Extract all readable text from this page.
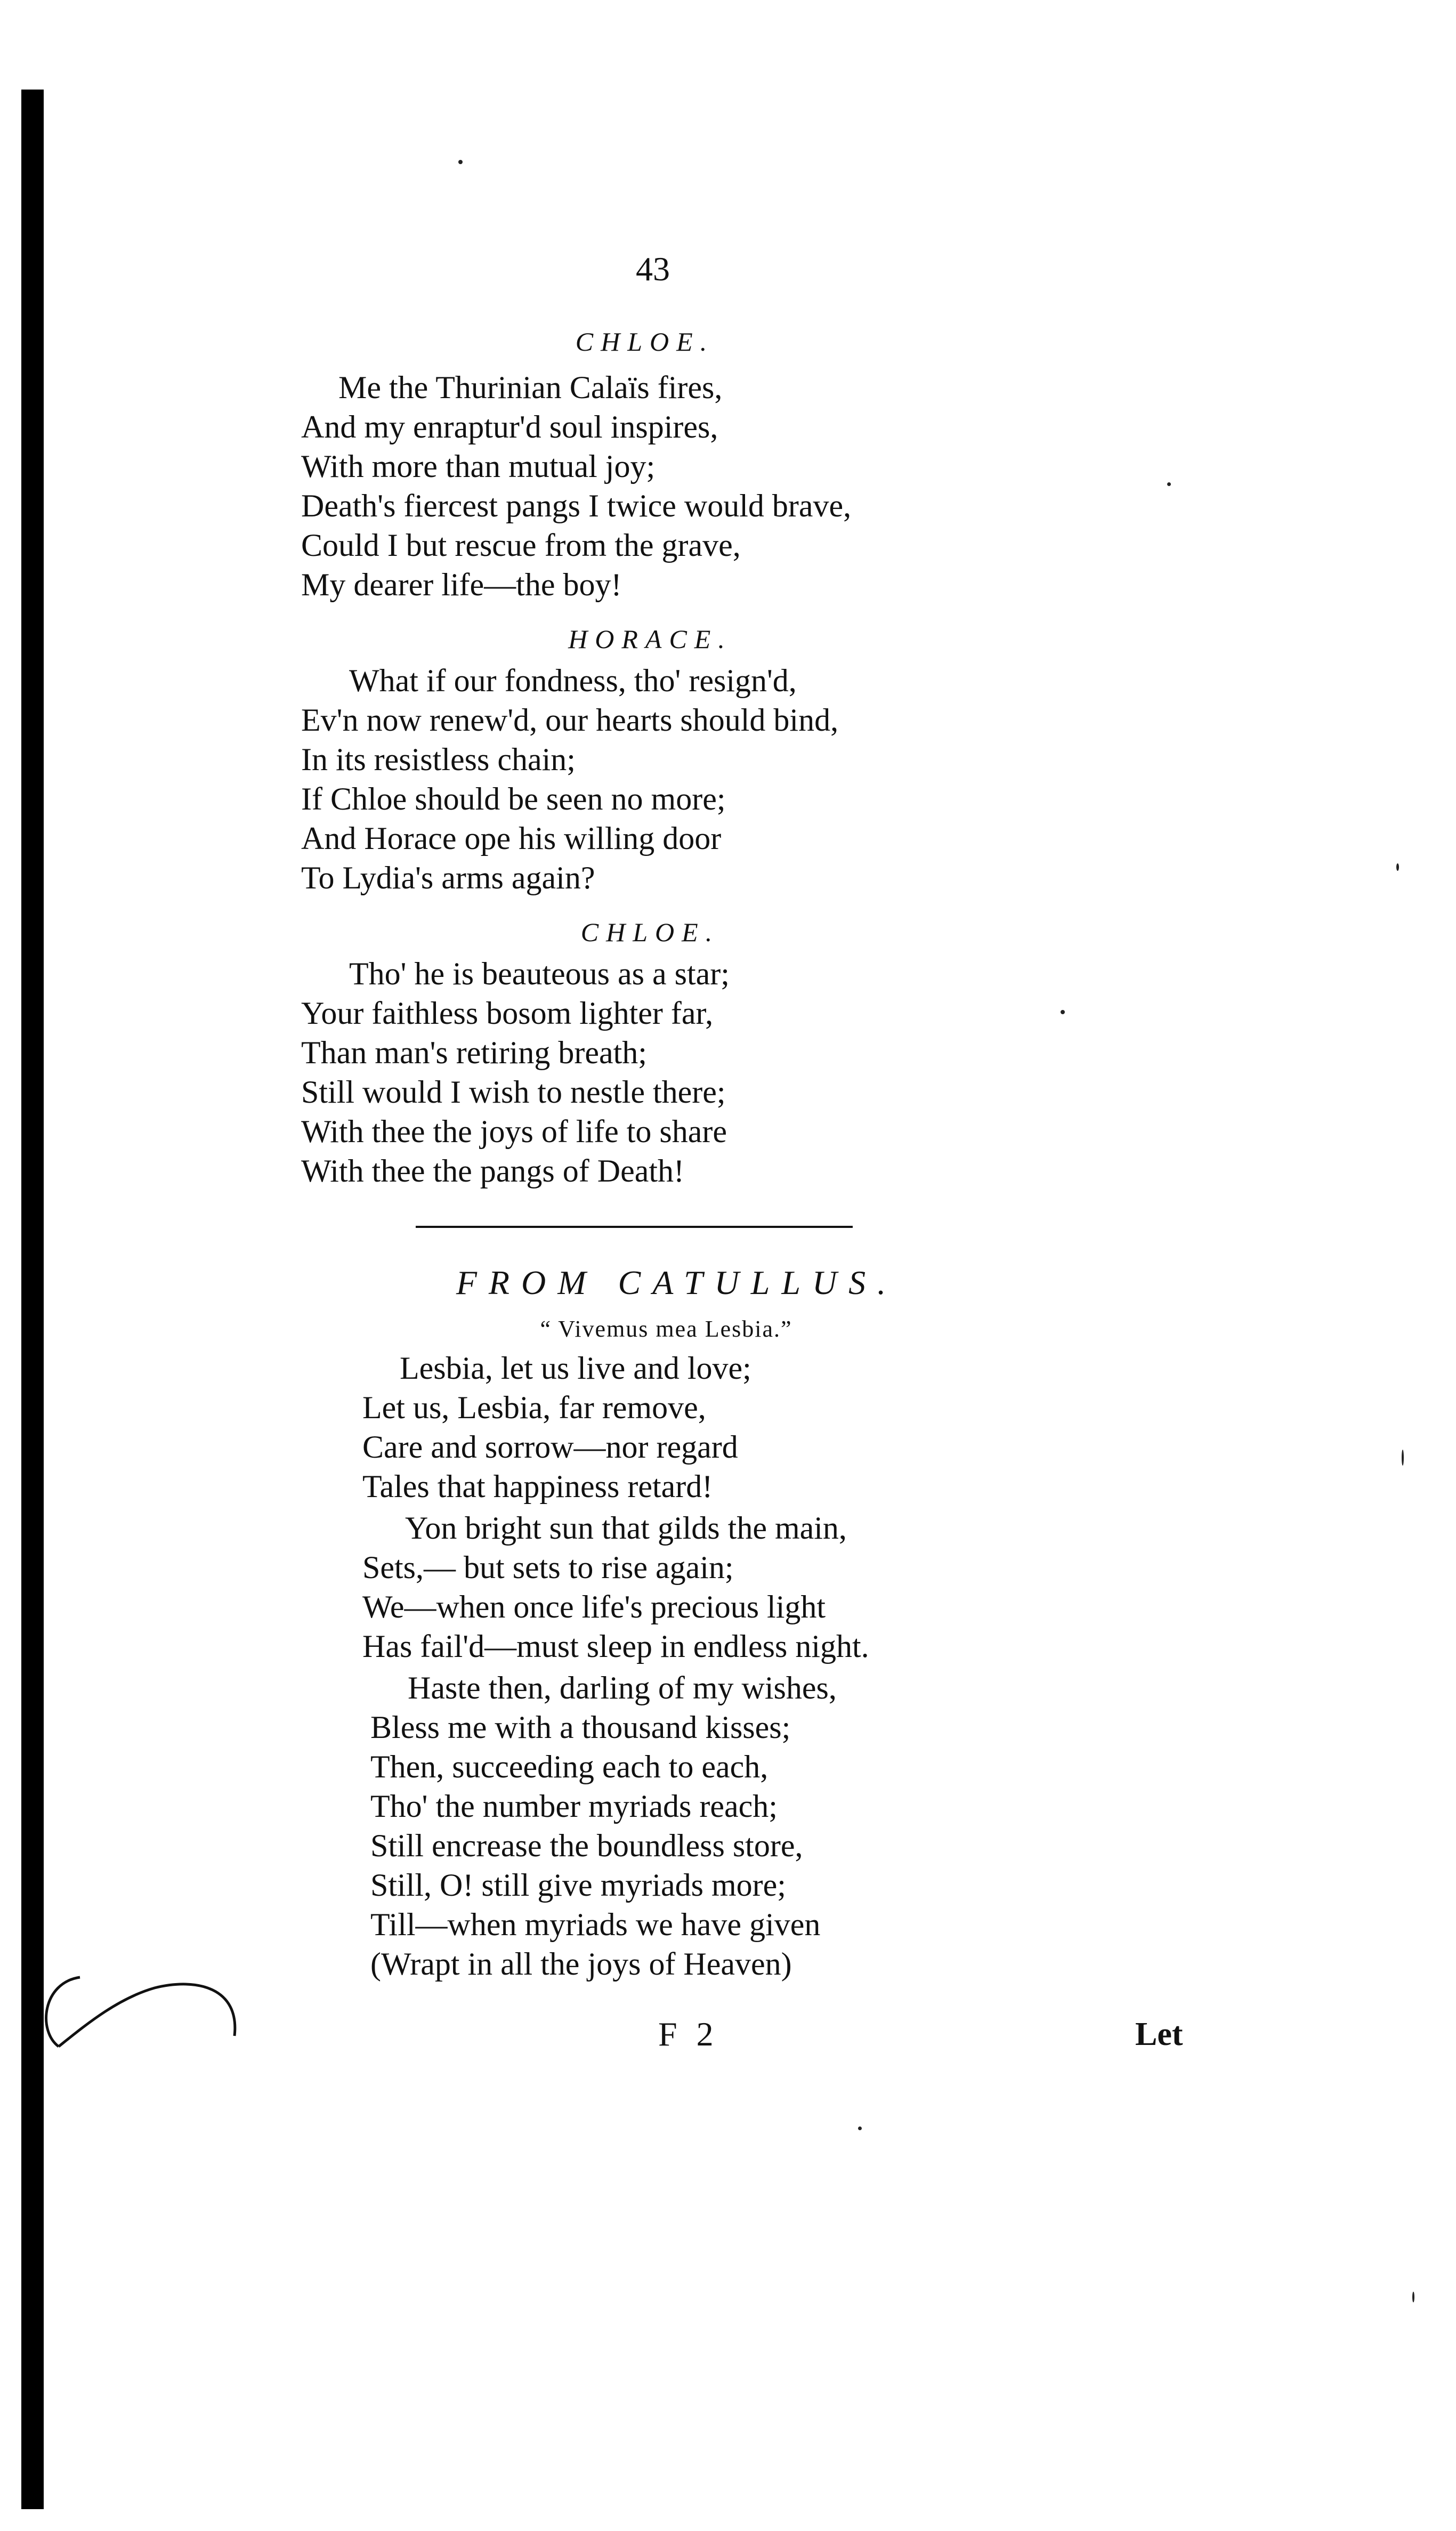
43
CHLOE.
Me the Thurinian Calaïs fires,
And my enraptur'd soul inspires,
With more than mutual joy;
Death's fiercest pangs I twice would brave,
Could I but rescue from the grave,
My dearer life—the boy!
HORACE.
What if our fondness, tho' resign'd,
Ev'n now renew'd, our hearts should bind,
In its resistless chain;
If Chloe should be seen no more;
And Horace ope his willing door
To Lydia's arms again?
CHLOE.
Tho' he is beauteous as a star;
Your faithless bosom lighter far,
Than man's retiring breath;
Still would I wish to nestle there;
With thee the joys of life to share
With thee the pangs of Death!
FROM CATULLUS.
“ Vivemus mea Lesbia.”
Lesbia, let us live and love;
Let us, Lesbia, far remove,
Care and sorrow—nor regard
Tales that happiness retard!
Yon bright sun that gilds the main,
Sets,— but sets to rise again;
We—when once life's precious light
Has fail'd—must sleep in endless night.
Haste then, darling of my wishes,
Bless me with a thousand kisses;
Then, succeeding each to each,
Tho' the number myriads reach;
Still encrease the boundless store,
Still, O! still give myriads more;
Till—when myriads we have given
(Wrapt in all the joys of Heaven)
F 2	Let
